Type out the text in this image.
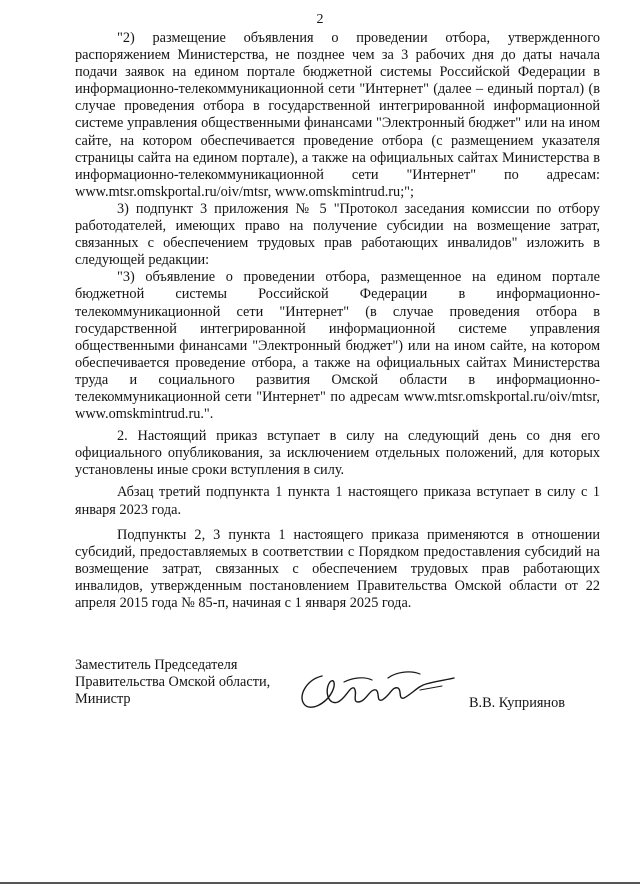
2

"2) размещение объявления о проведении отбора, утвержденного распоряжением Министерства, не позднее чем за 3 рабочих дня до даты начала подачи заявок на едином портале бюджетной системы Российской Федерации в информационно-телекоммуникационной сети "Интернет" (далее – единый портал) (в случае проведения отбора в государственной интегрированной информационной системе управления общественными финансами "Электронный бюджет" или на ином сайте, на котором обеспечивается проведение отбора (с размещением указателя страницы сайта на едином портале), а также на официальных сайтах Министерства в информационно-телекоммуникационной сети "Интернет" по адресам: www.mtsr.omskportal.ru/oiv/mtsr, www.omskmintrud.ru;";

3) подпункт 3 приложения № 5 "Протокол заседания комиссии по отбору работодателей, имеющих право на получение субсидии на возмещение затрат, связанных с обеспечением трудовых прав работающих инвалидов" изложить в следующей редакции:

"3) объявление о проведении отбора, размещенное на едином портале бюджетной системы Российской Федерации в информационно-телекоммуникационной сети "Интернет" (в случае проведения отбора в государственной интегрированной информационной системе управления общественными финансами "Электронный бюджет") или на ином сайте, на котором обеспечивается проведение отбора, а также на официальных сайтах Министерства труда и социального развития Омской области в информационно-телекоммуникационной сети "Интернет" по адресам www.mtsr.omskportal.ru/oiv/mtsr, www.omskmintrud.ru.".

2. Настоящий приказ вступает в силу на следующий день со дня его официального опубликования, за исключением отдельных положений, для которых установлены иные сроки вступления в силу.

Абзац третий подпункта 1 пункта 1 настоящего приказа вступает в силу с 1 января 2023 года.

Подпункты 2, 3 пункта 1 настоящего приказа применяются в отношении субсидий, предоставляемых в соответствии с Порядком предоставления субсидий на возмещение затрат, связанных с обеспечением трудовых прав работающих инвалидов, утвержденным постановлением Правительства Омской области от 22 апреля 2015 года № 85-п, начиная с 1 января 2025 года.

Заместитель Председателя
Правительства Омской области,
Министр	В.В. Куприянов
